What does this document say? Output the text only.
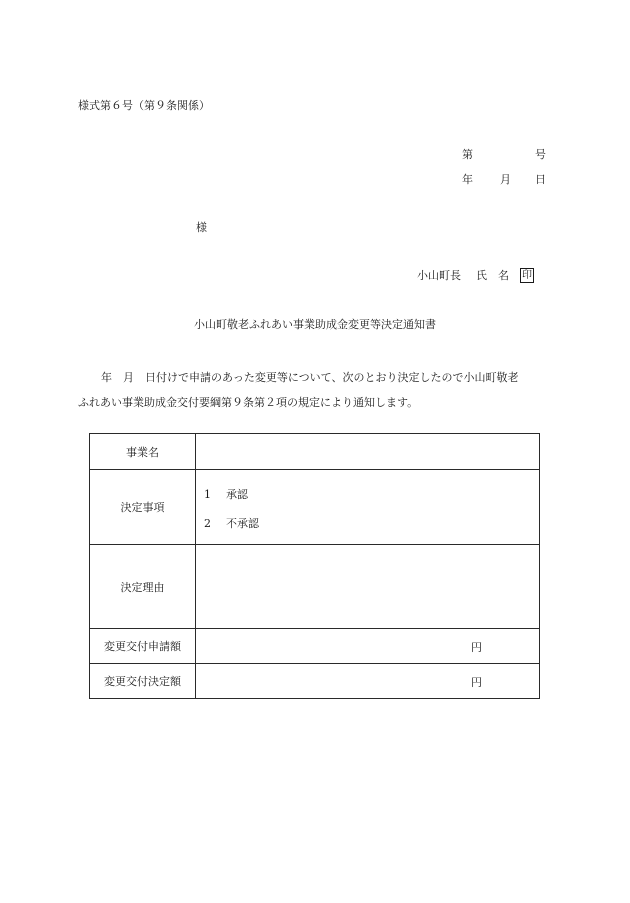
様式第６号（第９条関係）
第	号
年 月 日
様
小山町長 氏　名 印
小山町敬老ふれあい事業助成金変更等決定通知書
年　月　日付けで申請のあった変更等について、次のとおり決定したので小山町敬老
ふれあい事業助成金交付要綱第９条第２項の規定により通知します。
事業名	
決定事項	1 承認
2 不承認

決定理由	
変更交付申請額	円

変更交付決定額	円
